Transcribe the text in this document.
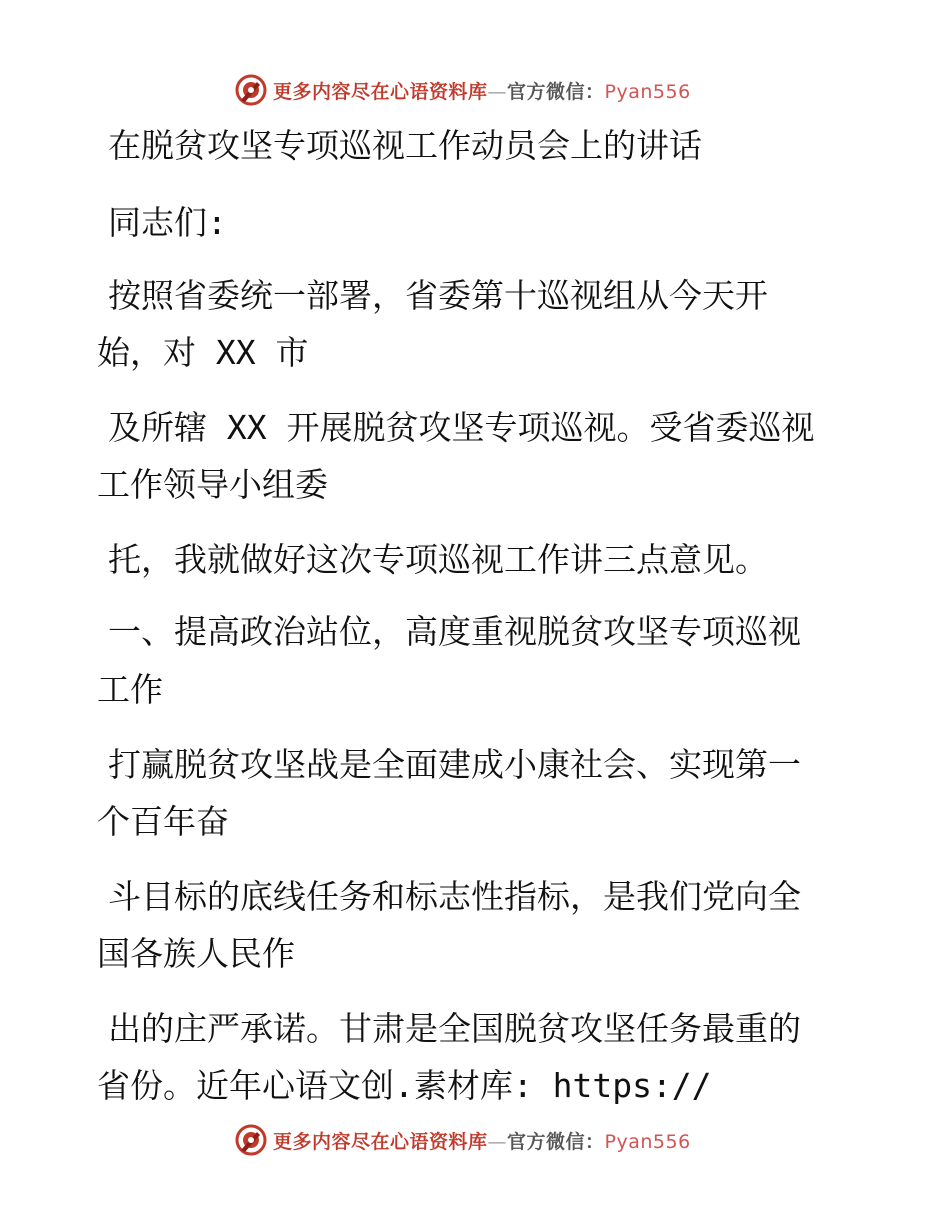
更多内容尽在心语资料库—官方微信：Pyan556
在脱贫攻坚专项巡视工作动员会上的讲话
同志们:
按照省委统一部署，省委第十巡视组从今天开
始，对 XX 市
及所辖 XX 开展脱贫攻坚专项巡视。受省委巡视
工作领导小组委
托，我就做好这次专项巡视工作讲三点意见。
一、提高政治站位，高度重视脱贫攻坚专项巡视
工作
打赢脱贫攻坚战是全面建成小康社会、实现第一
个百年奋
斗目标的底线任务和标志性指标，是我们党向全
国各族人民作
出的庄严承诺。甘肃是全国脱贫攻坚任务最重的
省份。近年心语文创.素材库: https://
更多内容尽在心语资料库—官方微信：Pyan556
